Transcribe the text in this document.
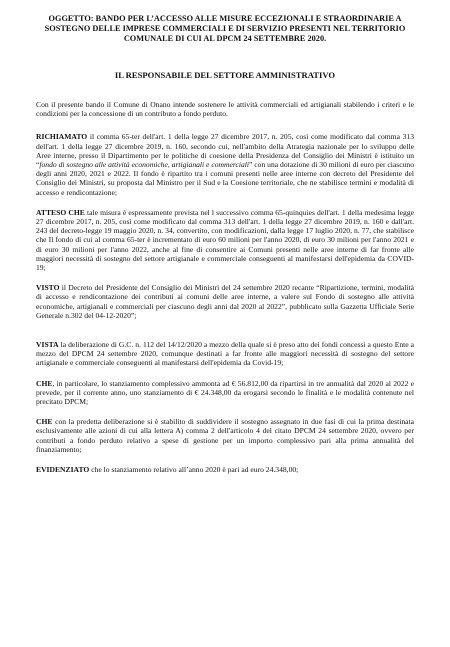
OGGETTO: BANDO PER L’ACCESSO ALLE MISURE ECCEZIONALI E STRAORDINARIE A SOSTEGNO DELLE IMPRESE COMMERCIALI E DI SERVIZIO PRESENTI NEL TERRITORIO COMUNALE DI CUI AL DPCM 24 SETTEMBRE 2020.
IL RESPONSABILE DEL SETTORE AMMINISTRATIVO

Con il presente bando il Comune di Onano intende sostenere le attività commerciali ed artigianali stabilendo i criteri e le condizioni per la concessione di un contributo a fondo perduto.

RICHIAMATO il comma 65-ter dell'art. 1 della legge 27 dicembre 2017, n. 205, così come modificato dal comma 313 dell'art. 1 della legge 27 dicembre 2019, n. 160, secondo cui, nell'ambito della Atrategia nazionale per lo sviluppo delle Aree interne, presso il Dipartimento per le politiche di coesione della Presidenza del Consiglio dei Ministri è istituito un “fondo di sostegno alle attività economiche, artigianali e commerciali” con una dotazione di 30 milioni di euro per ciascuno degli anni 2020, 2021 e 2022. Il fondo è ripartito tra i comuni presenti nelle aree interne con decreto del Presidente del Consiglio dei Ministri, su proposta dal Ministro per il Sud e la Coesione territoriale, che ne stabilisce termini e modalità di accesso e rendicontazione;

ATTESO CHE tale misura è espressamente prevista nel l successivo comma 65-quinquies dell'art. 1 della medesima legge 27 dicembre 2017, n. 205, così come modificato dal comma 313 dell'art. 1 della legge 27 dicembre 2019, n. 160 e dall'art. 243 del decreto-legge 19 maggio 2020, n. 34, convertito, con modificazioni, dalla legge 17 luglio 2020, n. 77, che stabilisce che Il fondo di cui al comma 65-ter è incrementato di euro 60 milioni per l'anno 2020, di euro 30 milioni per l'anno 2021 e di euro 30 milioni per l'anno 2022, anche al fine di consentire ai Comuni presenti nelle aree interne di far fronte alle maggiori necessità di sostegno del settore artigianale e commerciale conseguenti al manifestarsi dell'epidemia da COVID-19;

VISTO il Decreto del Presidente del Consiglio dei Ministri del 24 settembre 2020 recante “Ripartizione, termini, modalità di accesso e rendicontazione dei contributi ai comuni delle aree interne, a valere sul Fondo di sostegno alle attività economiche, artigianali e commerciali per ciascuno degli anni dal 2020 al 2022”, pubblicato sulla Gazzetta Ufficiale Serie Generale n.302 del 04-12-2020”;

VISTA la deliberazione di G.C. n. 112 del 14/12/2020 a mezzo della quale si è preso atto dei fondi concessi a questo Ente a mezzo del DPCM 24 settembre 2020, comunque destinati a far fronte alle maggiori necessità di sostegno del settore artigianale e commerciale conseguenti al manifestarsi dell'epidemia da Covid-19;

CHE, in particolare, lo stanziamento complessivo ammonta ad € 56.812,00 da ripartirsi in tre annualità dal 2020 al 2022 e prevede, per il corrente anno, uno stanziamento di € 24.348,00 da erogarsi secondo le finalità e le modalità contenute nel precitato DPCM;

CHE con la predetta deliberazione si è stabilito di suddividere il sostegno assegnato in due fasi di cui la prima destinata esclusivamente alle azioni di cui alla lettera A) comma 2 dell'articolo 4 del citato DPCM 24 settembre 2020, ovvero per contributi a fondo perduto relativo a spese di gestione per un importo complessivo pari alla prima annualità del finanziamento;

EVIDENZIATO che lo stanziamento relativo all’anno 2020 è pari ad euro 24.348,00;
